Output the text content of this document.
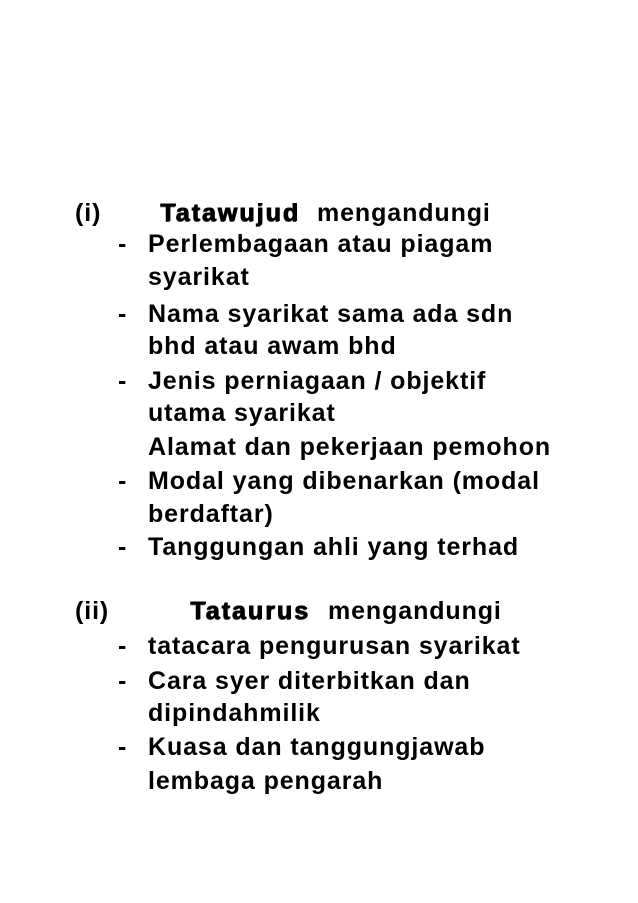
(i) Tatawujud mengandungi
- Perlembagaan atau piagam
syarikat
- Nama syarikat sama ada sdn
bhd atau awam bhd
- Jenis perniagaan / objektif
utama syarikat
Alamat dan pekerjaan pemohon
- Modal yang dibenarkan (modal
berdaftar)
- Tanggungan ahli yang terhad
(ii)	Tataurus mengandungi
- tatacara pengurusan syarikat
- Cara syer diterbitkan dan
dipindahmilik
- Kuasa dan tanggungjawab
lembaga pengarah
